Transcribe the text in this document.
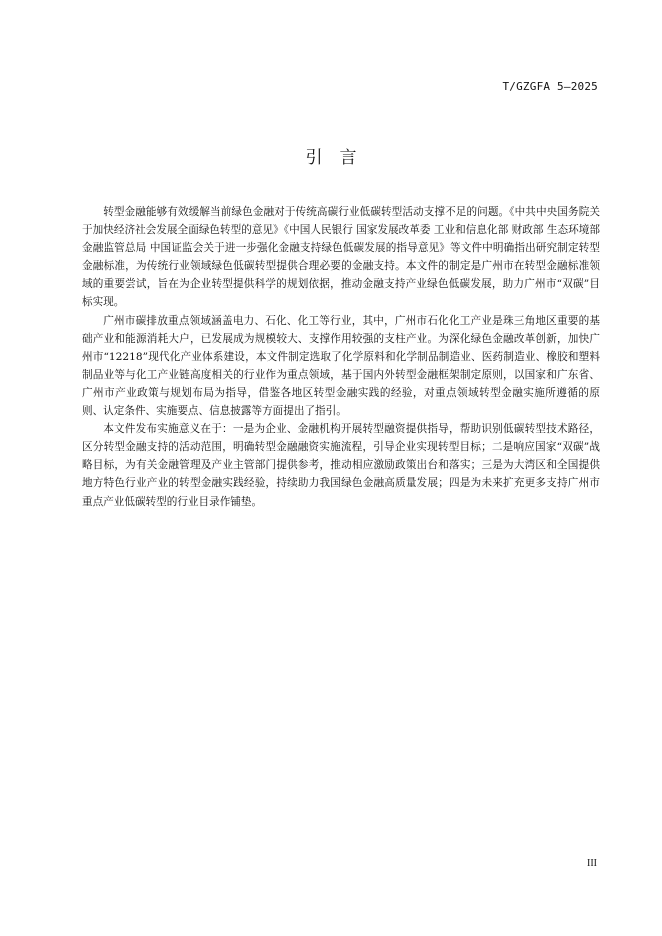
T/GZGFA 5—2025
引　言

转型金融能够有效缓解当前绿色金融对于传统高碳行业低碳转型活动支撑不足的问题。《中共中央国务院关于加快经济社会发展全面绿色转型的意见》《中国人民银行 国家发展改革委 工业和信息化部 财政部 生态环境部 金融监管总局 中国证监会关于进一步强化金融支持绿色低碳发展的指导意见》等文件中明确指出研究制定转型金融标准，为传统行业领域绿色低碳转型提供合理必要的金融支持。本文件的制定是广州市在转型金融标准领域的重要尝试，旨在为企业转型提供科学的规划依据，推动金融支持产业绿色低碳发展，助力广州市“双碳”目标实现。

广州市碳排放重点领域涵盖电力、石化、化工等行业，其中，广州市石化化工产业是珠三角地区重要的基础产业和能源消耗大户，已发展成为规模较大、支撑作用较强的支柱产业。为深化绿色金融改革创新，加快广州市“12218”现代化产业体系建设，本文件制定选取了化学原料和化学制品制造业、医药制造业、橡胶和塑料制品业等与化工产业链高度相关的行业作为重点领域，基于国内外转型金融框架制定原则，以国家和广东省、广州市产业政策与规划布局为指导，借鉴各地区转型金融实践的经验，对重点领域转型金融实施所遵循的原则、认定条件、实施要点、信息披露等方面提出了指引。

本文件发布实施意义在于：一是为企业、金融机构开展转型融资提供指导，帮助识别低碳转型技术路径，区分转型金融支持的活动范围，明确转型金融融资实施流程，引导企业实现转型目标；二是响应国家“双碳”战略目标，为有关金融管理及产业主管部门提供参考，推动相应激励政策出台和落实；三是为大湾区和全国提供地方特色行业产业的转型金融实践经验，持续助力我国绿色金融高质量发展；四是为未来扩充更多支持广州市重点产业低碳转型的行业目录作铺垫。

III
